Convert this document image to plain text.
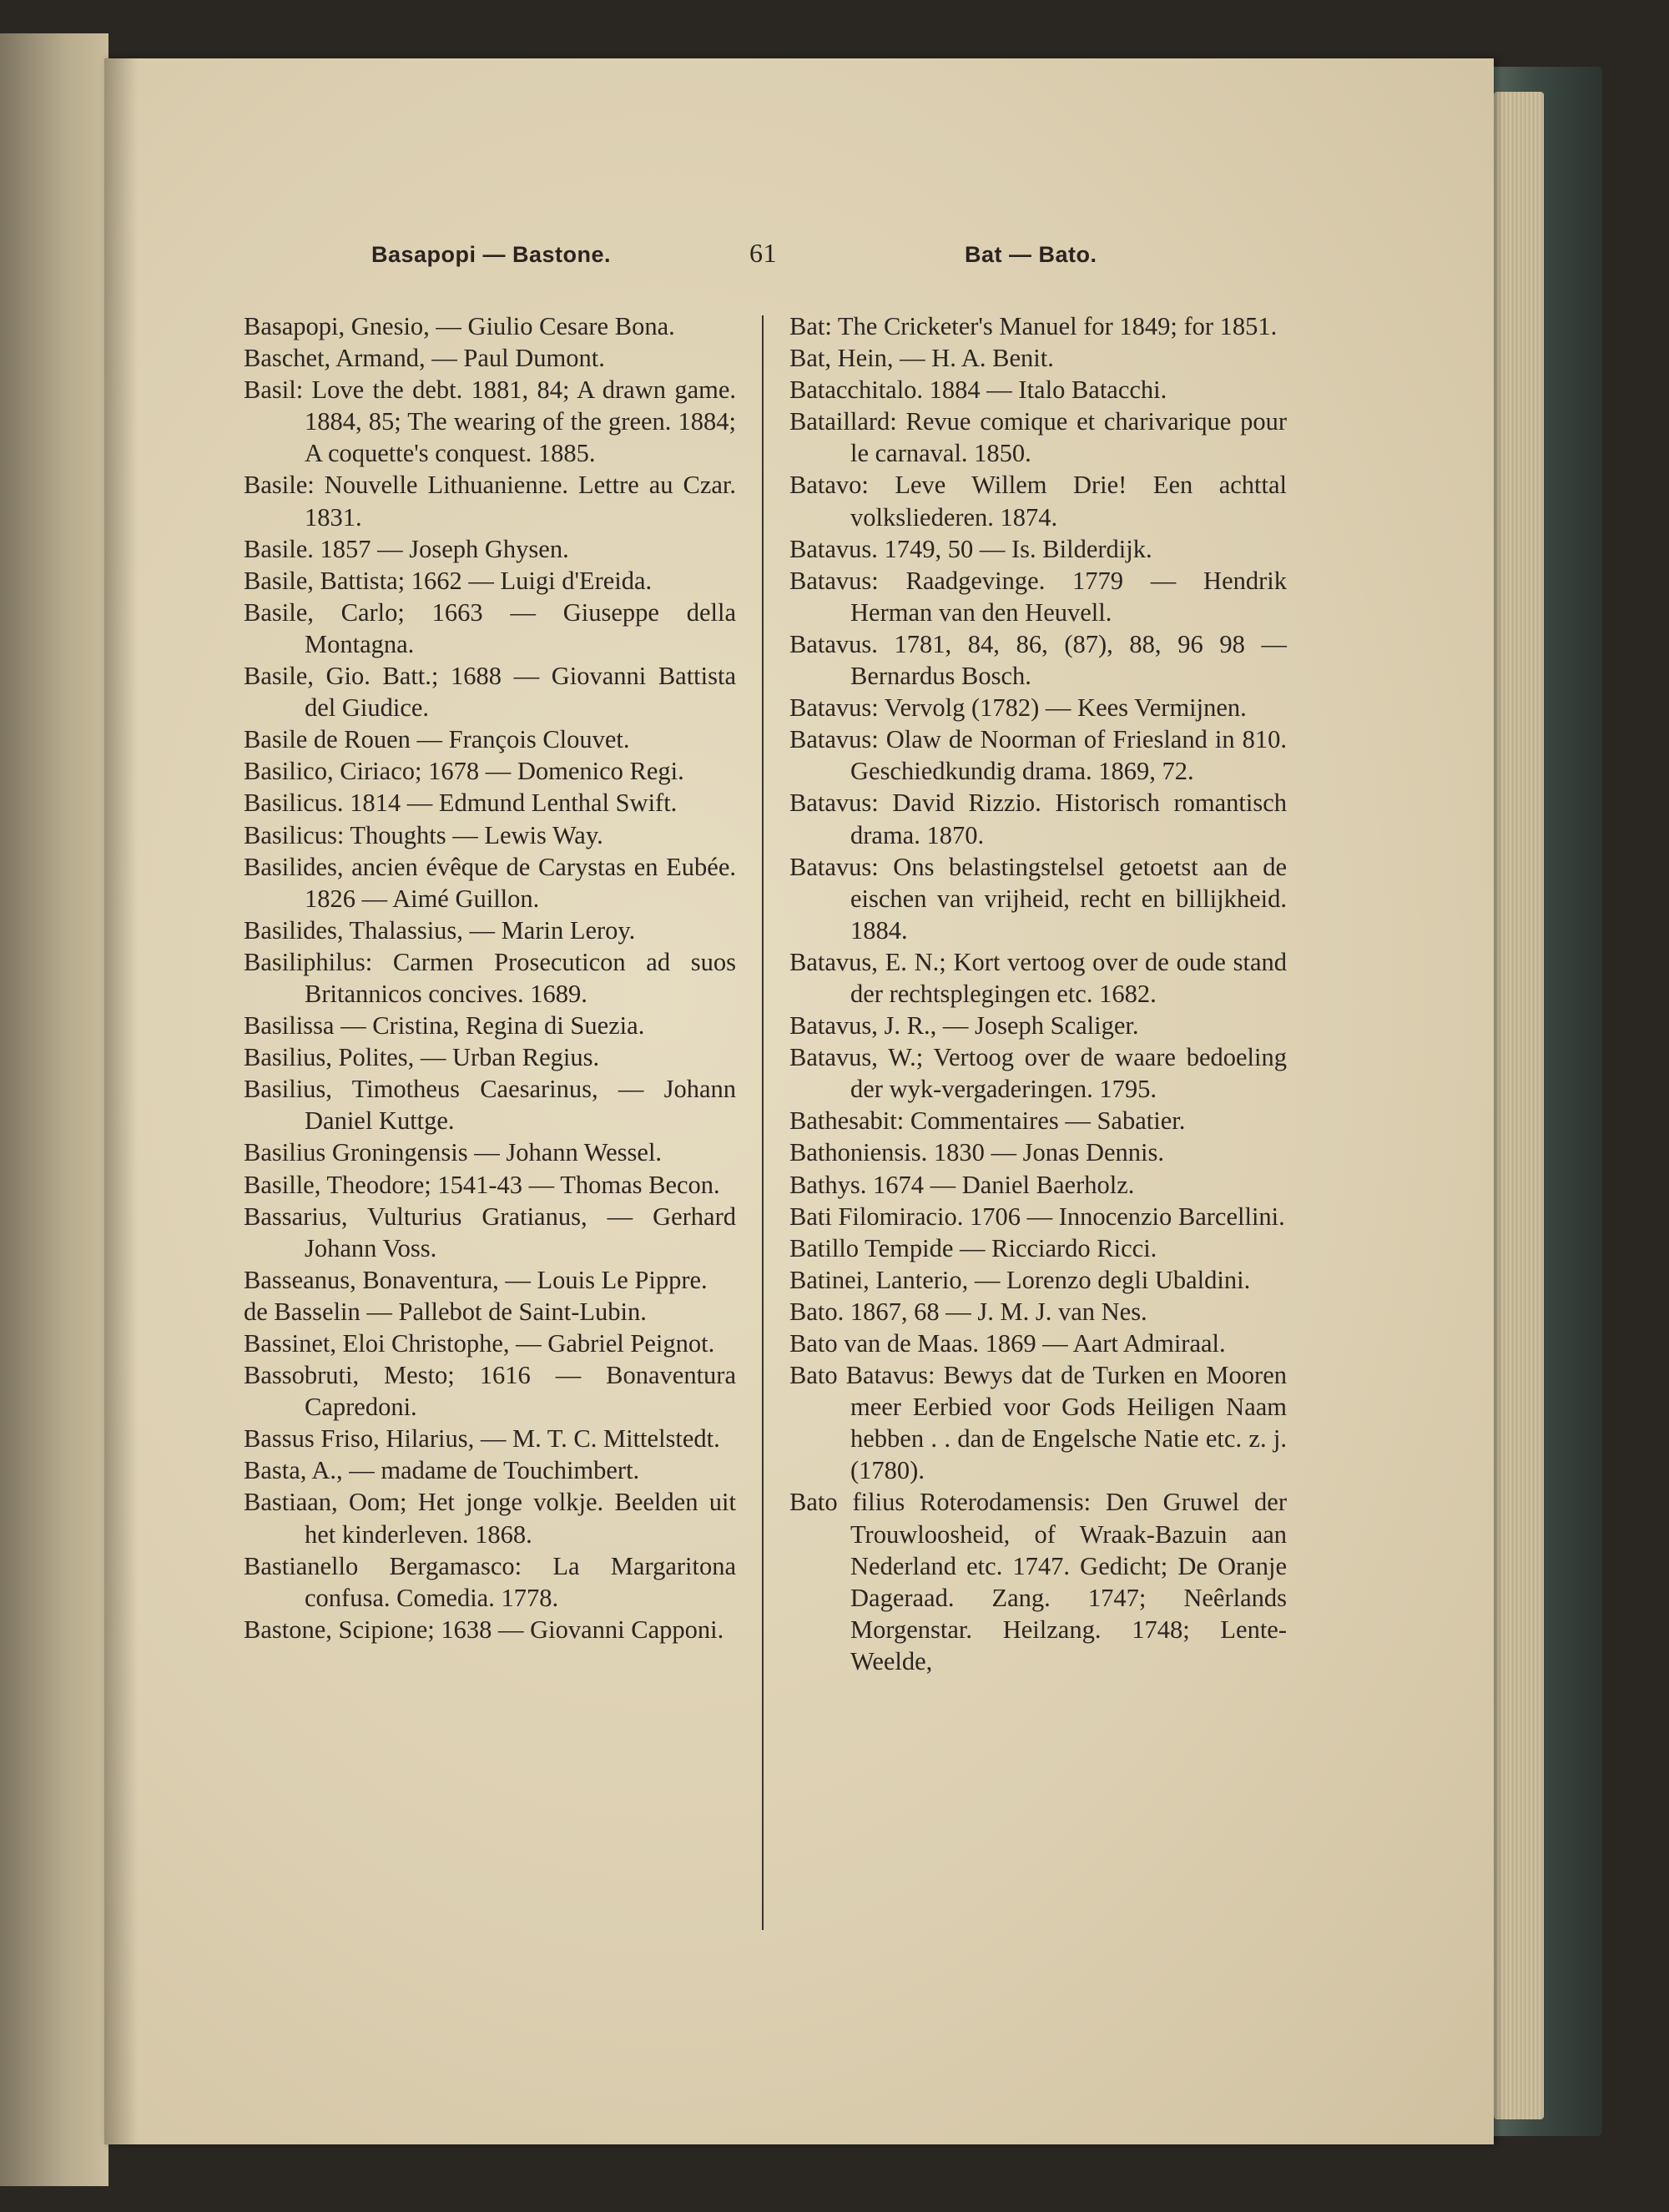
Basapopi — Bastone.	61	Bat — Bato.
Basapopi, Gnesio, — Giulio Cesare Bona.
Baschet, Armand, — Paul Dumont.
Basil: Love the debt. 1881, 84; A drawn game. 1884, 85; The wearing of the green. 1884; A coquette's conquest. 1885.
Basile: Nouvelle Lithuanienne. Lettre au Czar. 1831.
Basile. 1857 — Joseph Ghysen.
Basile, Battista; 1662 — Luigi d'Ereida.
Basile, Carlo; 1663 — Giuseppe della Montagna.
Basile, Gio. Batt.; 1688 — Giovanni Battista del Giudice.
Basile de Rouen — François Clouvet.
Basilico, Ciriaco; 1678 — Domenico Regi.
Basilicus. 1814 — Edmund Lenthal Swift.
Basilicus: Thoughts — Lewis Way.
Basilides, ancien évêque de Carystas en Eubée. 1826 — Aimé Guillon.
Basilides, Thalassius, — Marin Leroy.
Basiliphilus: Carmen Prosecuticon ad suos Britannicos concives. 1689.
Basilissa — Cristina, Regina di Suezia.
Basilius, Polites, — Urban Regius.
Basilius, Timotheus Caesarinus, — Johann Daniel Kuttge.
Basilius Groningensis — Johann Wessel.
Basille, Theodore; 1541-43 — Thomas Becon.
Bassarius, Vulturius Gratianus, — Gerhard Johann Voss.
Basseanus, Bonaventura, — Louis Le Pippre.
de Basselin — Pallebot de Saint-Lubin.
Bassinet, Eloi Christophe, — Gabriel Peignot.
Bassobruti, Mesto; 1616 — Bonaventura Capredoni.
Bassus Friso, Hilarius, — M. T. C. Mittelstedt.
Basta, A., — madame de Touchimbert.
Bastiaan, Oom; Het jonge volkje. Beelden uit het kinderleven. 1868.
Bastianello Bergamasco: La Margaritona confusa. Comedia. 1778.
Bastone, Scipione; 1638 — Giovanni Capponi.
Bat: The Cricketer's Manuel for 1849; for 1851.
Bat, Hein, — H. A. Benit.
Batacchitalo. 1884 — Italo Batacchi.
Bataillard: Revue comique et charivarique pour le carnaval. 1850.
Batavo: Leve Willem Drie! Een achttal volksliederen. 1874.
Batavus. 1749, 50 — Is. Bilderdijk.
Batavus: Raadgevinge. 1779 — Hendrik Herman van den Heuvell.
Batavus. 1781, 84, 86, (87), 88, 96 98 — Bernardus Bosch.
Batavus: Vervolg (1782) — Kees Vermijnen.
Batavus: Olaw de Noorman of Friesland in 810. Geschiedkundig drama. 1869, 72.
Batavus: David Rizzio. Historisch romantisch drama. 1870.
Batavus: Ons belastingstelsel getoetst aan de eischen van vrijheid, recht en billijkheid. 1884.
Batavus, E. N.; Kort vertoog over de oude stand der rechtsplegingen etc. 1682.
Batavus, J. R., — Joseph Scaliger.
Batavus, W.; Vertoog over de waare bedoeling der wyk-vergaderingen. 1795.
Bathesabit: Commentaires — Sabatier.
Bathoniensis. 1830 — Jonas Dennis.
Bathys. 1674 — Daniel Baerholz.
Bati Filomiracio. 1706 — Innocenzio Barcellini.
Batillo Tempide — Ricciardo Ricci.
Batinei, Lanterio, — Lorenzo degli Ubaldini.
Bato. 1867, 68 — J. M. J. van Nes.
Bato van de Maas. 1869 — Aart Admiraal.
Bato Batavus: Bewys dat de Turken en Mooren meer Eerbied voor Gods Heiligen Naam hebben . . dan de Engelsche Natie etc. z. j. (1780).
Bato filius Roterodamensis: Den Gruwel der Trouwloosheid, of Wraak-Bazuin aan Nederland etc. 1747. Gedicht; De Oranje Dageraad. Zang. 1747; Neêrlands Morgenstar. Heilzang. 1748; Lente-Weelde,
